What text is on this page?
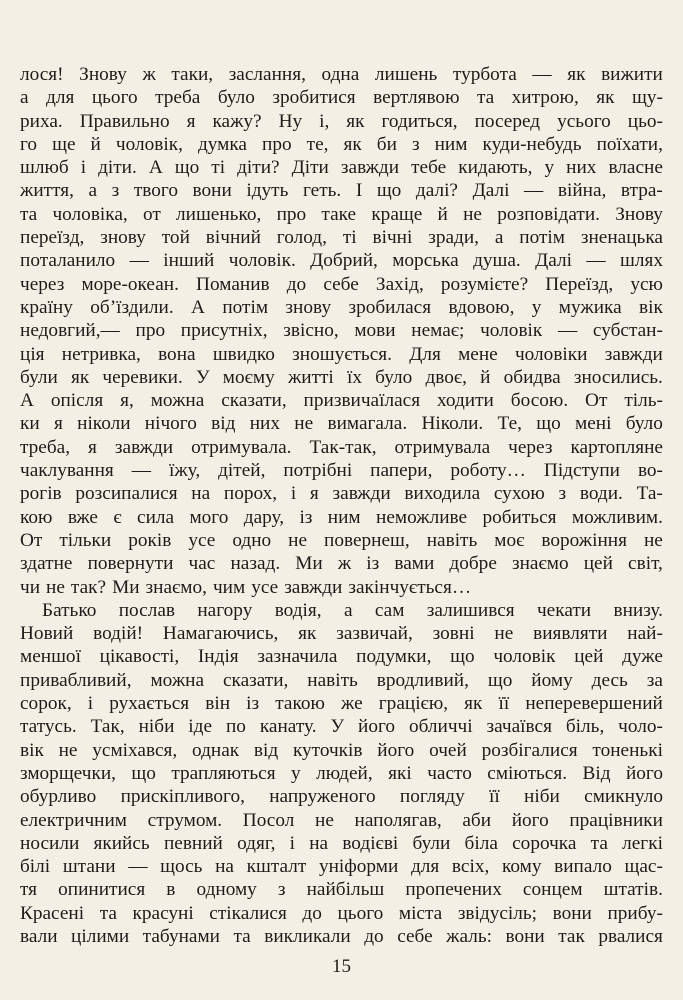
лося! Знову ж таки, заслання, одна лишень турбота — як вижити
а для цього треба було зробитися вертлявою та хитрою, як щу-
риха. Правильно я кажу? Ну і, як годиться, посеред усього цьо-
го ще й чоловік, думка про те, як би з ним куди-небудь поїхати,
шлюб і діти. А що ті діти? Діти завжди тебе кидають, у них власне
життя, а з твого вони ідуть геть. І що далі? Далі — війна, втра-
та чоловіка, от лишенько, про таке краще й не розповідати. Знову
переїзд, знову той вічний голод, ті вічні зради, а потім зненацька
поталанило — інший чоловік. Добрий, морська душа. Далі — шлях
через море-океан. Поманив до себе Захід, розумієте? Переїзд, усю
країну об’їздили. А потім знову зробилася вдовою, у мужика вік
недовгий,— про присутніх, звісно, мови немає; чоловік — субстан-
ція нетривка, вона швидко зношується. Для мене чоловіки завжди
були як черевики. У моєму житті їх було двоє, й обидва зносились.
А опісля я, можна сказати, призвичаїлася ходити босою. От тіль-
ки я ніколи нічого від них не вимагала. Ніколи. Те, що мені було
треба, я завжди отримувала. Так-так, отримувала через картопляне
чаклування — їжу, дітей, потрібні папери, роботу… Підступи во-
рогів розсипалися на порох, і я завжди виходила сухою з води. Та-
кою вже є сила мого дару, із ним неможливе робиться можливим.
От тільки років усе одно не повернеш, навіть моє ворожіння не
здатне повернути час назад. Ми ж із вами добре знаємо цей світ,
чи не так? Ми знаємо, чим усе завжди закінчується…
Батько послав нагору водія, а сам залишився чекати внизу.
Новий водій! Намагаючись, як зазвичай, зовні не виявляти най-
меншої цікавості, Індія зазначила подумки, що чоловік цей дуже
привабливий, можна сказати, навіть вродливий, що йому десь за
сорок, і рухається він із такою же грацією, як її неперевершений
татусь. Так, ніби іде по канату. У його обличчі зачаївся біль, чоло-
вік не усміхався, однак від куточків його очей розбігалися тоненькі
зморщечки, що трапляються у людей, які часто сміються. Від його
обурливо прискіпливого, напруженого погляду її ніби смикнуло
електричним струмом. Посол не наполягав, аби його працівники
носили якийсь певний одяг, і на водієві були біла сорочка та легкі
білі штани — щось на кшталт уніформи для всіх, кому випало щас-
тя опинитися в одному з найбільш пропечених сонцем штатів.
Красені та красуні стікалися до цього міста звідусіль; вони прибу-
вали цілими табунами та викликали до себе жаль: вони так рвалися
15
